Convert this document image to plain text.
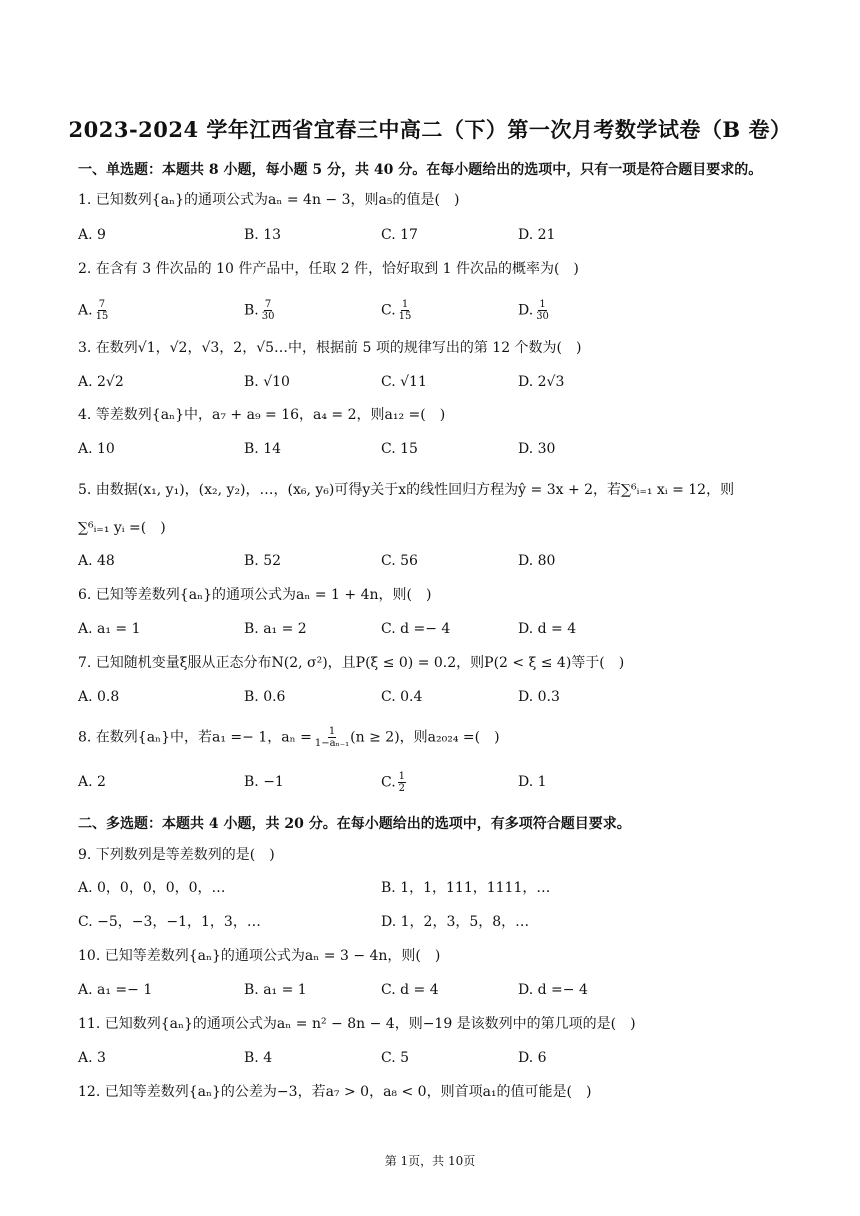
2023-2024 学年江西省宜春三中高二（下）第一次月考数学试卷（B 卷）
一、单选题：本题共 8 小题，每小题 5 分，共 40 分。在每小题给出的选项中，只有一项是符合题目要求的。
1. 已知数列{aₙ}的通项公式为aₙ = 4n − 3，则a₅的值是(　)
A. 9	B. 13	C. 17	D. 21
2. 在含有 3 件次品的 10 件产品中，任取 2 件，恰好取到 1 件次品的概率为(　)
A. $\frac{7}{15}$	B. $\frac{7}{30}$	C. $\frac{1}{15}$	D. $\frac{1}{30}$
3. 在数列√1，√2，√3，2，√5…中，根据前 5 项的规律写出的第 12 个数为(　)
A. 2√2	B. √10	C. √11	D. 2√3
4. 等差数列{aₙ}中，a₇ + a₉ = 16，a₄ = 2，则a₁₂ =(　)
A. 10	B. 14	C. 15	D. 30
5. 由数据(x₁, y₁)，(x₂, y₂)，…，(x₆, y₆)可得y关于x的线性回归方程为ŷ = 3x + 2，若∑⁶ᵢ₌₁ xᵢ = 12，则
∑⁶ᵢ₌₁ yᵢ =(　)
A. 48	B. 52	C. 56	D. 80
6. 已知等差数列{aₙ}的通项公式为aₙ = 1 + 4n，则(　)
A. a₁ = 1	B. a₁ = 2	C. d =− 4	D. d = 4
7. 已知随机变量ξ服从正态分布N(2, σ²)，且P(ξ ≤ 0) = 0.2，则P(2 < ξ ≤ 4)等于(　)
A. 0.8	B. 0.6	C. 0.4	D. 0.3
8. 在数列{aₙ}中，若a₁ =− 1，$a_n = \frac{1}{\text{1−aₙ₋₁}} (n \ge 2)$，则a₂₀₂₄ =(　)
A. 2	B. −1	C. $\frac{1}{2}$	D. 1
二、多选题：本题共 4 小题，共 20 分。在每小题给出的选项中，有多项符合题目要求。
9. 下列数列是等差数列的是(　)
A. 0，0，0，0，0，…	B. 1，1，111，1111，…
C. −5，−3，−1，1，3，…	D. 1，2，3，5，8，…
10. 已知等差数列{aₙ}的通项公式为aₙ = 3 − 4n，则(　)
A. a₁ =− 1	B. a₁ = 1	C. d = 4	D. d =− 4
11. 已知数列{aₙ}的通项公式为aₙ = n² − 8n − 4，则−19 是该数列中的第几项的是(　)
A. 3	B. 4	C. 5	D. 6
12. 已知等差数列{aₙ}的公差为−3，若a₇ > 0，a₈ < 0，则首项a₁的值可能是(　)
第 1页，共 10页
